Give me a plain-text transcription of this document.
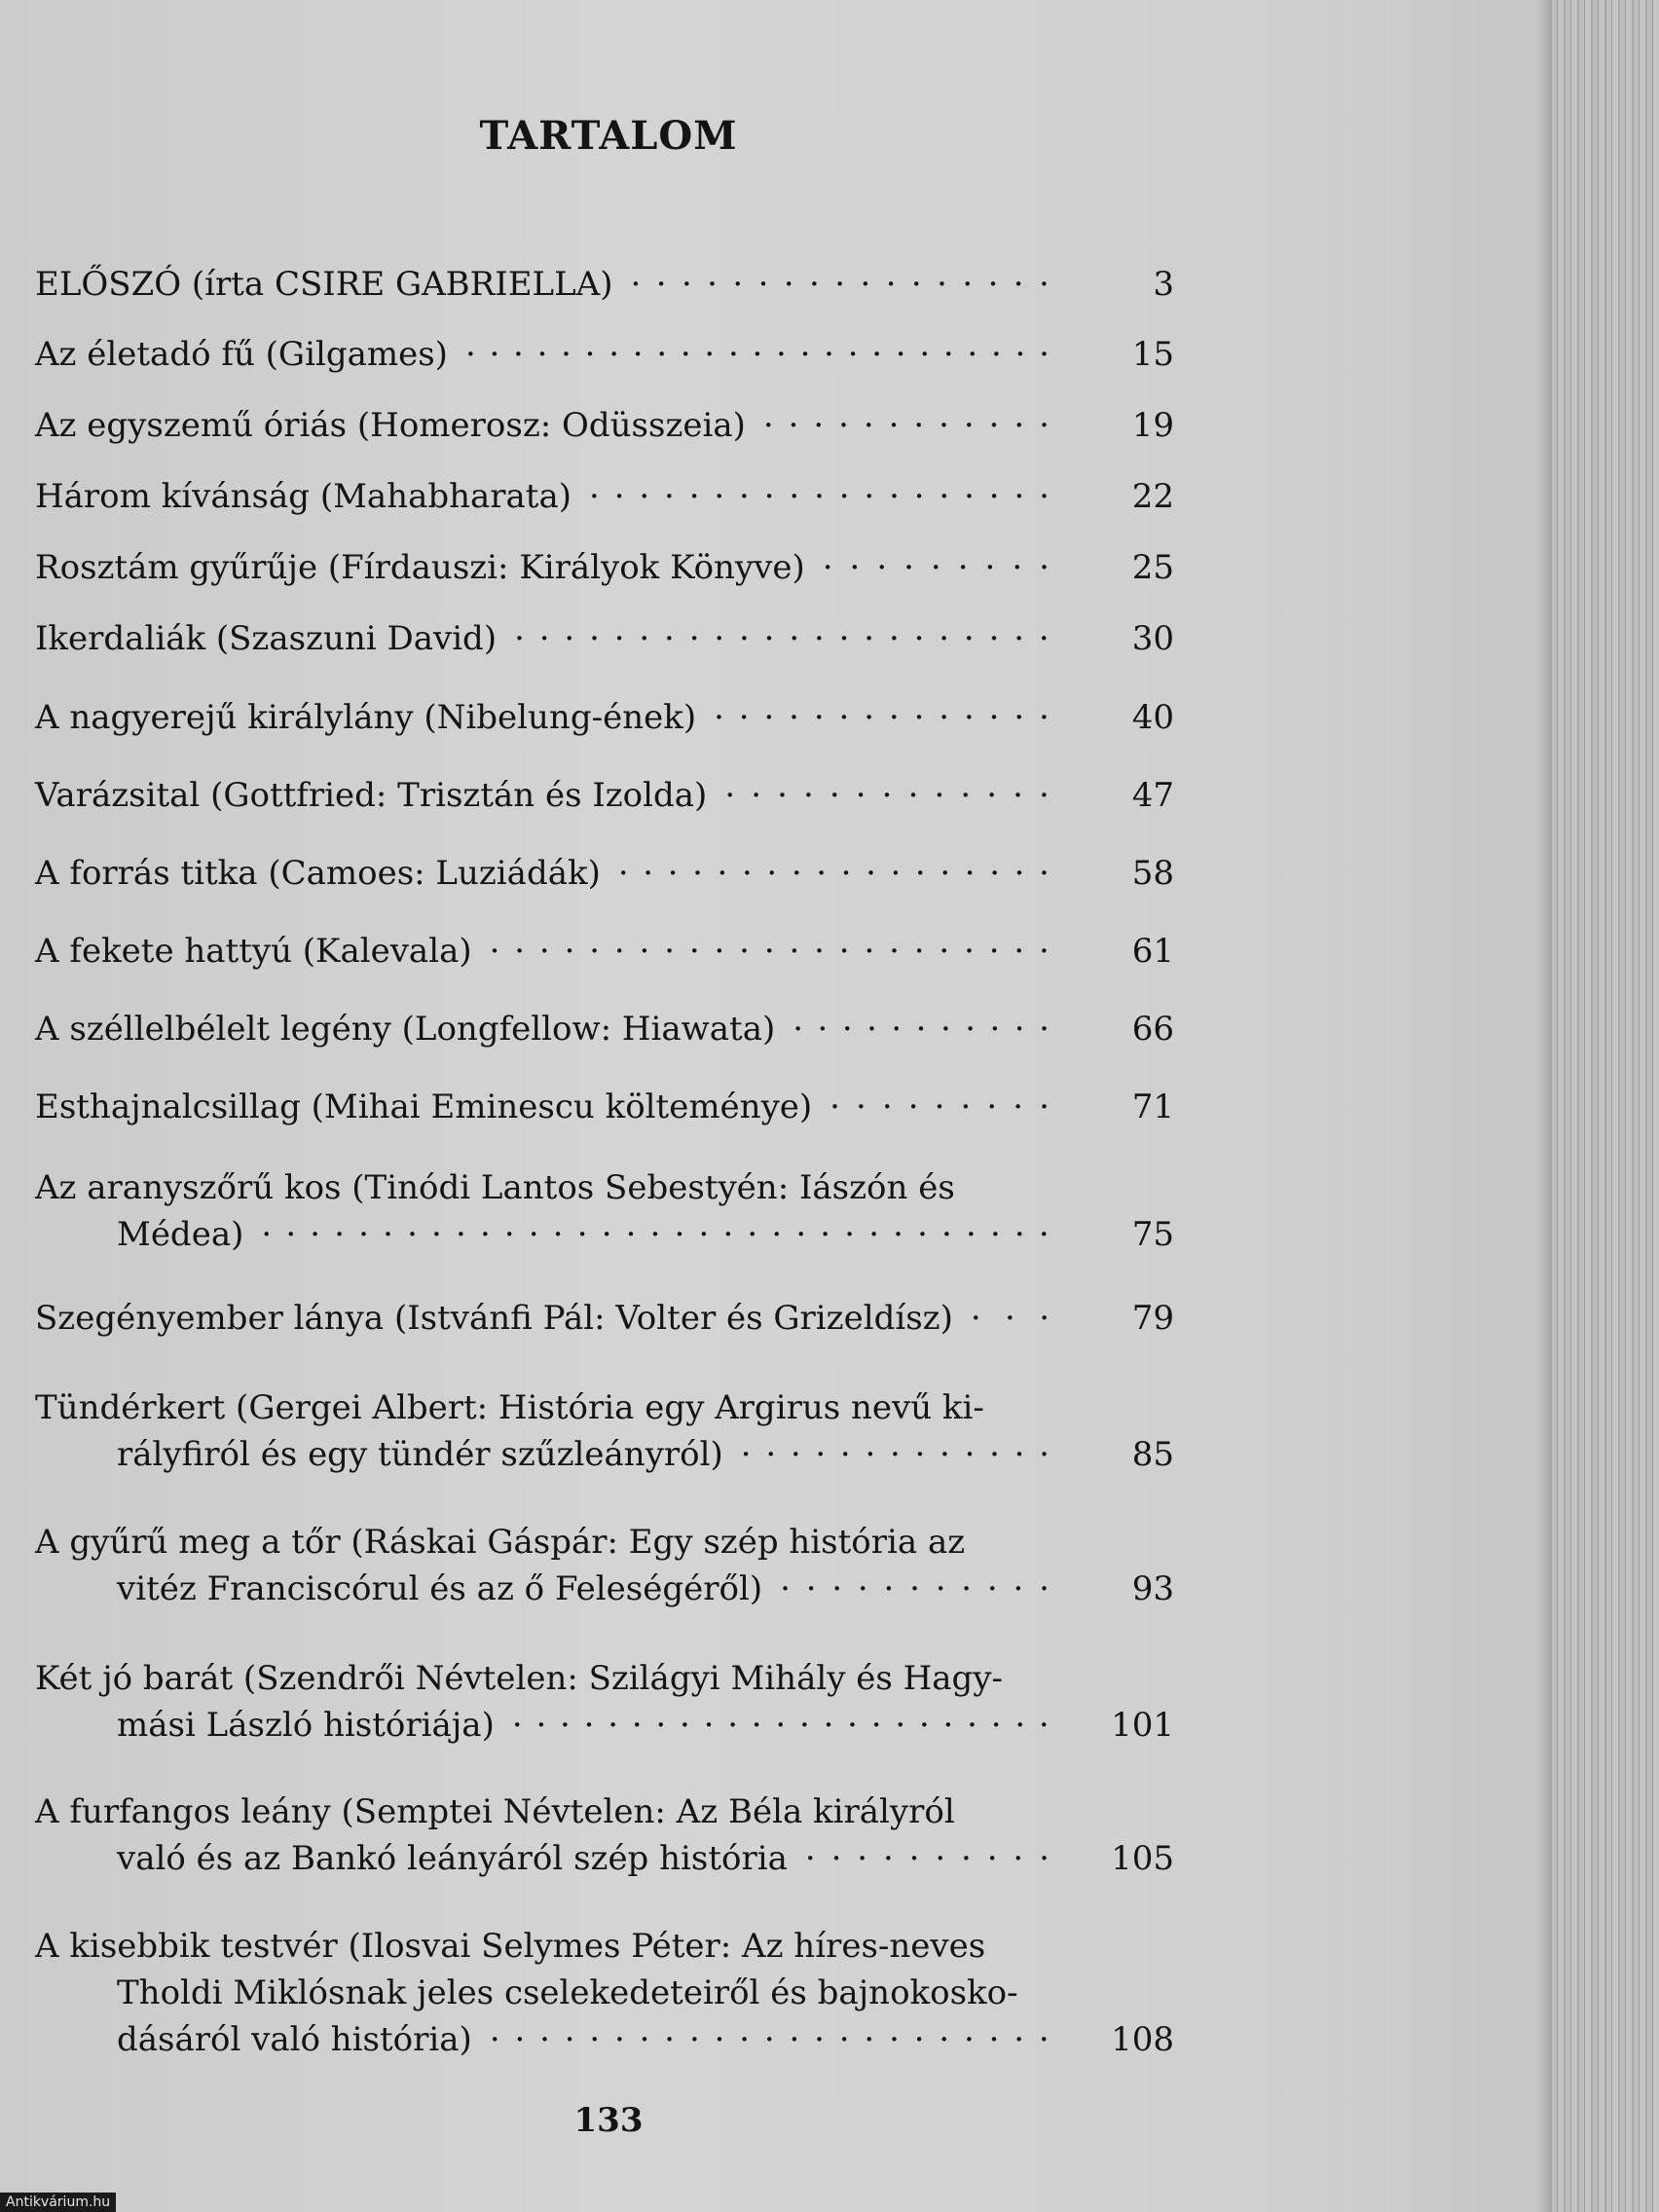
TARTALOM
ELŐSZÓ (írta CSIRE GABRIELLA) · · · · · · · · · · · · · · · · ·	3
Az életadó fű (Gilgames) · · · · · · · · · · · · · · · · · · · · · · · · ·	15
Az egyszemű óriás (Homerosz: Odüsszeia) · · · · · · · · · · · ·	19
Három kívánság (Mahabharata) · · · · · · · · · · · · · · · · · · ·	22
Rosztám gyűrűje (Fírdauszi: Királyok Könyve) · · · · · · · · ·	25
Ikerdaliák (Szaszuni David) · · · · · · · · · · · · · · · · · · · · · ·	30
A nagyerejű királylány (Nibelung-ének) · · · · · · · · · · · · · ·	40
Varázsital (Gottfried: Trisztán és Izolda) · · · · · · · · · · · · ·	47
A forrás titka (Camoes: Luziádák) · · · · · · · · · · · · · · · · · ·	58
A fekete hattyú (Kalevala) · · · · · · · · · · · · · · · · · · · · · · ·	61
A széllelbélelt legény (Longfellow: Hiawata) · · · · · · · · · · ·	66
Esthajnalcsillag (Mihai Eminescu költeménye) · · · · · · · · ·	71
Az aranyszőrű kos (Tinódi Lantos Sebestyén: Iászón és
Médea) · · · · · · · · · · · · · · · · · · · · · · · · · · · · · · · · ·	75
Szegényember lánya (Istvánfi Pál: Volter és Grizeldísz) · · ·	79
Tündérkert (Gergei Albert: História egy Argirus nevű ki-
rályfiról és egy tündér szűzleányról) · · · · · · · · · · · · ·	85
A gyűrű meg a tőr (Ráskai Gáspár: Egy szép história az
vitéz Franciscórul és az ő Feleségéről) · · · · · · · · · · ·	93
Két jó barát (Szendrői Névtelen: Szilágyi Mihály és Hagy-
mási László históriája) · · · · · · · · · · · · · · · · · · · · · · ·	101
A furfangos leány (Semptei Névtelen: Az Béla királyról
való és az Bankó leányáról szép história · · · · · · · · · ·	105
A kisebbik testvér (Ilosvai Selymes Péter: Az híres-neves
Tholdi Miklósnak jeles cselekedeteiről és bajnokosko-
dásáról való história) · · · · · · · · · · · · · · · · · · · · · · ·	108
133
Antikvárium.hu
